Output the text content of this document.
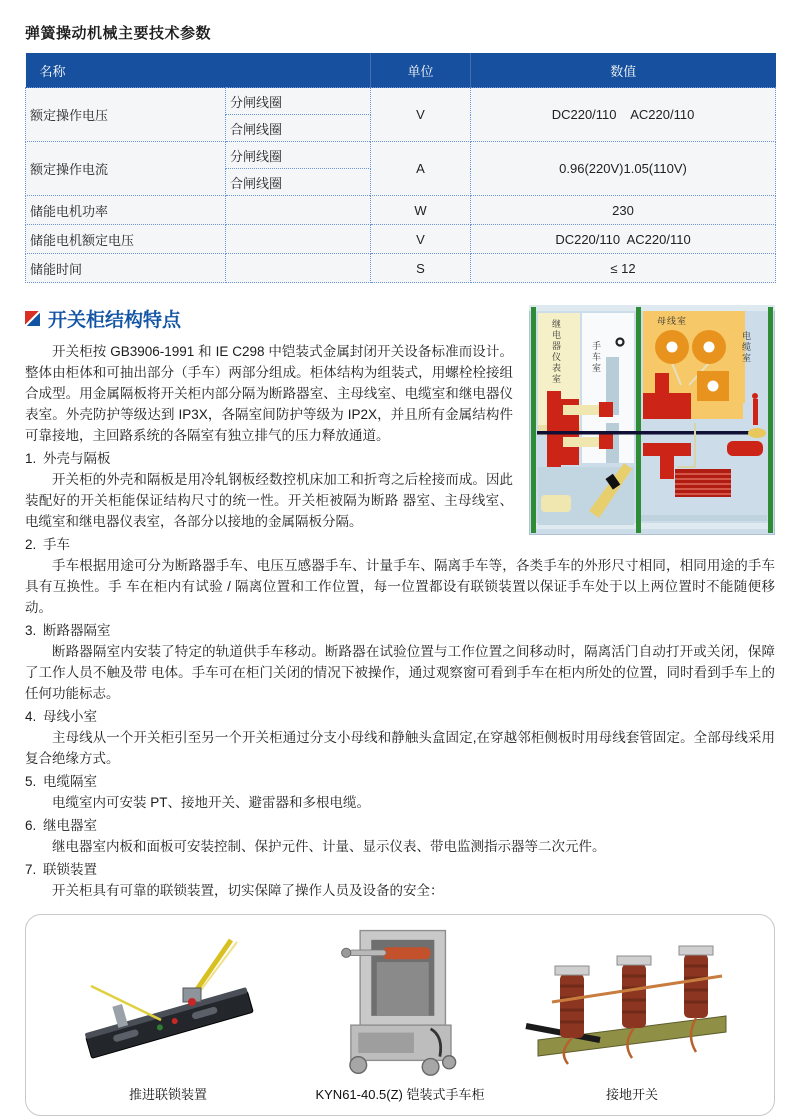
弹簧操动机械主要技术参数
名称		单位	数值
额定操作电压	分闸线圈	V	DC220/110    AC220/110
	合闸线圈		
额定操作电流	分闸线圈	A	0.96(220V)1.05(110V)
	合闸线圈		
储能电机功率		W	230
储能电机额定电压		V	DC220/110  AC220/110
储能时间		S	≤ 12
继电器仪表室	手车室
母线室
电缆室
开关柜结构特点

开关柜按 GB3906-1991 和 IE C298 中铠装式金属封闭开关设备标准而设计。整体由柜体和可抽出部分（手车）两部分组成。柜体结构为组装式，用螺栓栓接组合成型。用金属隔板将开关柜内部分隔为断路器室、主母线室、电缆室和继电器仪表室。外壳防护等级达到 IP3X，各隔室间防护等级为 IP2X，并且所有金属结构件可靠接地，主回路系统的各隔室有独立排气的压力释放通道。

1. 外壳与隔板

开关柜的外壳和隔板是用冷轧钢板经数控机床加工和折弯之后栓接而成。因此装配好的开关柜能保证结构尺寸的统一性。开关柜被隔为断路 器室、主母线室、电缆室和继电器仪表室，各部分以接地的金属隔板分隔。

2. 手车

手车根据用途可分为断路器手车、电压互感器手车、计量手车、隔离手车等，各类手车的外形尺寸相同，相同用途的手车具有互换性。手 车在柜内有试验 / 隔离位置和工作位置，每一位置都设有联锁装置以保证手车处于以上两位置时不能随便移动。

3. 断路器隔室

断路器隔室内安装了特定的轨道供手车移动。断路器在试验位置与工作位置之间移动时，隔离活门自动打开或关闭，保障了工作人员不触及带 电体。手车可在柜门关闭的情况下被操作，通过观察窗可看到手车在柜内所处的位置，同时看到手车上的任何功能标志。

4. 母线小室

主母线从一个开关柜引至另一个开关柜通过分支小母线和静触头盒固定,在穿越邻柜侧板时用母线套管固定。全部母线采用复合绝缘方式。

5. 电缆隔室

电缆室内可安装 PT、接地开关、避雷器和多根电缆。

6. 继电器室

继电器室内板和面板可安装控制、保护元件、计量、显示仪表、带电监测指示器等二次元件。

7. 联锁装置

开关柜具有可靠的联锁装置，切实保障了操作人员及设备的安全：

推进联锁装置	KYN61-40.5(Z) 铠装式手车柜	接地开关
